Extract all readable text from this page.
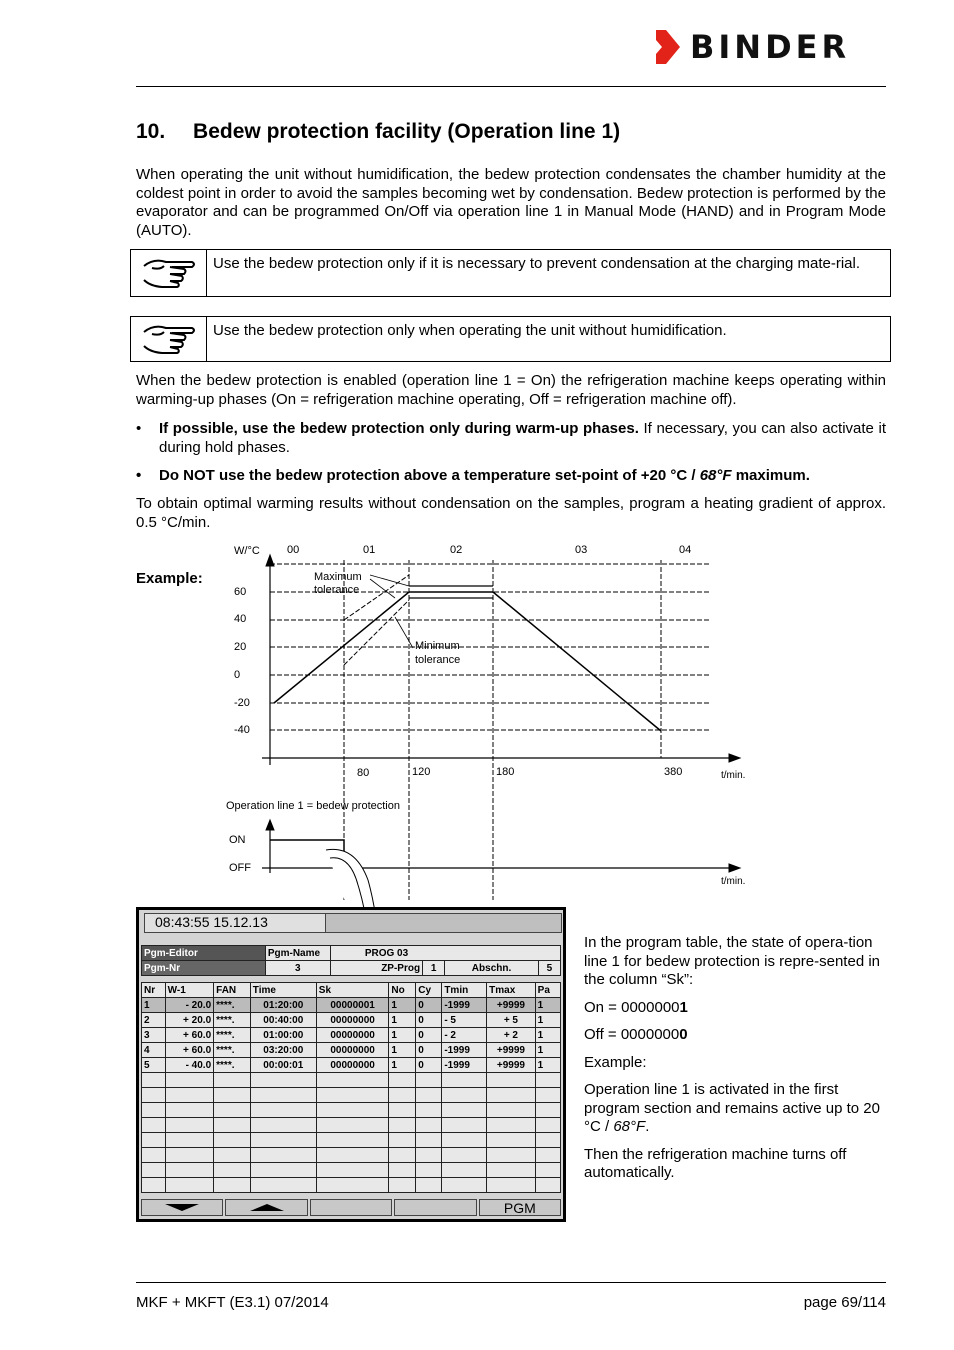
BINDER
10. Bedew protection facility (Operation line 1)
When operating the unit without humidification, the bedew protection condensates the chamber humidity at the coldest point in order to avoid the samples becoming wet by condensation. Bedew protection is performed by the evaporator and can be programmed On/Off via operation line 1 in Manual Mode (HAND) and in Program Mode (AUTO).
Use the bedew protection only if it is necessary to prevent condensation at the charging mate-rial.
Use the bedew protection only when operating the unit without humidification.
When the bedew protection is enabled (operation line 1 = On) the refrigeration machine keeps operating within warming-up phases (On = refrigeration machine operating, Off = refrigeration machine off).
• If possible, use the bedew protection only during warm-up phases. If necessary, you can also activate it during hold phases.
• Do NOT use the bedew protection above a temperature set-point of +20 °C / 68°F maximum.
To obtain optimal warming results without condensation on the samples, program a heating gradient of approx. 0.5 °C/min.
Example:
W/°C 00	01	02	03	04
60
40
20
0
-20
-40
80	120	180	380	t/min.
Maximum
tolerance
Minimum
tolerance
Operation line 1 = bedew protection
ON
OFF
t/min.
08:43:55 15.12.13
Pgm-Editor	Pgm-Name	PROG 03			
Pgm-Nr	3	ZP-Prog	1	Abschn.	5
Nr	W-1	FAN	Time	Sk	No	Cy	Tmin	Tmax	Pa
1	- 20.0	****.	01:20:00	00000001	1	0	-1999	+9999	1
2	+ 20.0	****.	00:40:00	00000000	1	0	- 5	+ 5	1
3	+ 60.0	****.	01:00:00	00000000	1	0	- 2	+ 2	1
4	+ 60.0	****.	03:20:00	00000000	1	0	-1999	+9999	1
5	- 40.0	****.	00:00:01	00000000	1	0	-1999	+9999	1

PGM
In the program table, the state of opera-tion line 1 for bedew protection is repre-sented in the column “Sk”:
On = 00000001
Off = 00000000
Example:
Operation line 1 is activated in the first program section and remains active up to 20 °C / 68°F.
Then the refrigeration machine turns off automatically.
MKF + MKFT (E3.1) 07/2014	page 69/114
